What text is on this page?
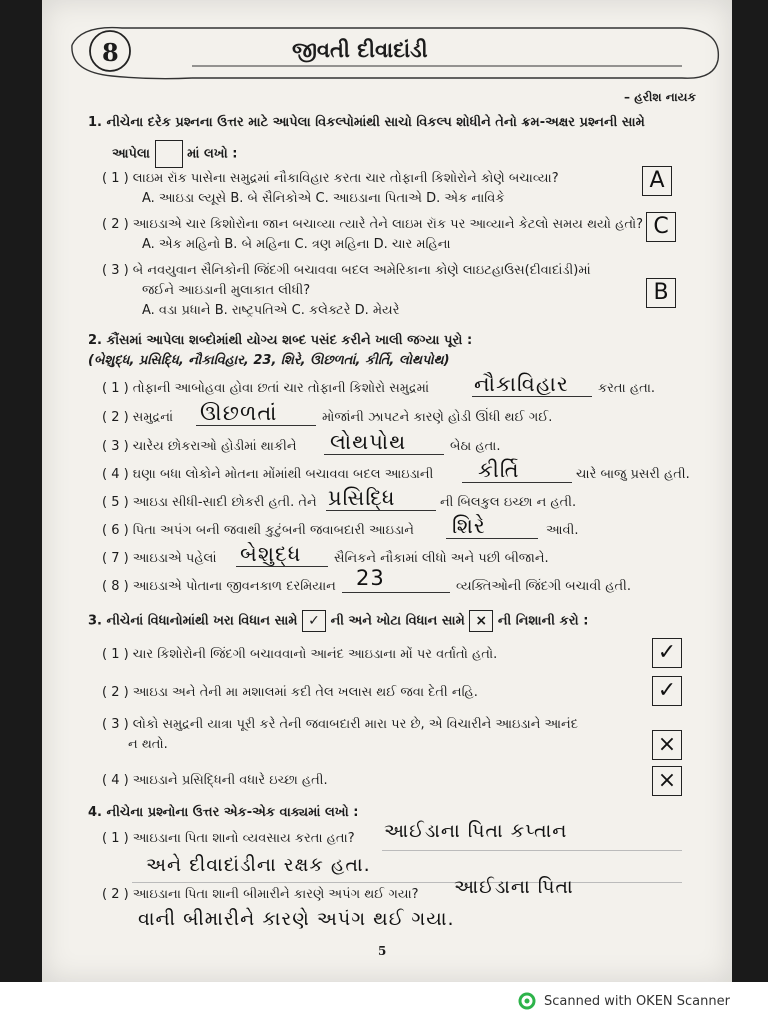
8	જીવતી દીવાદાંડી
– હરીશ નાયક
1. નીચેના દરેક પ્રશ્નના ઉત્તર માટે આપેલા વિકલ્પોમાંથી સાચો વિકલ્પ શોધીને તેનો ક્રમ-અક્ષર પ્રશ્નની સામે
આપેલા	માં લખો :
( 1 ) લાઇમ રૉક પાસેના સમુદ્રમાં નૌકાવિહાર કરતા ચાર તોફાની કિશોરોને કોણે બચાવ્યા?
A. આઇડા લ્યૂસે B. બે સૈનિકોએ C. આઇડાના પિતાએ D. એક નાવિકે
A
( 2 ) આઇડાએ ચાર કિશોરોના જાન બચાવ્યા ત્યારે તેને લાઇમ રૉક પર આવ્યાને કેટલો સમય થયો હતો?
A. એક મહિનો B. બે મહિના C. ત્રણ મહિના D. ચાર મહિના
C
( 3 ) બે નવયુવાન સૈનિકોની જિંદગી બચાવવા બદલ અમેરિકાના કોણે લાઇટહાઉસ(દીવાદાંડી)માં
જઈને આઇડાની મુલાકાત લીધી?
A. વડા પ્રધાને B. રાષ્ટ્રપતિએ C. કલેક્ટરે D. મેયરે
B
2. કૌંસમાં આપેલા શબ્દોમાંથી યોગ્ય શબ્દ પસંદ કરીને ખાલી જગ્યા પૂરો :
(બેશુદ્ધ, પ્રસિદ્ધિ, નૌકાવિહાર, 23, શિરે, ઊછળતાં, કીર્તિ, લોથપોથ)
( 1 ) તોફાની આબોહવા હોવા છતાં ચાર તોફાની કિશોરો સમુદ્રમાં નૌકાવિહાર કરતા હતા.
( 2 ) સમુદ્રનાં ઊછળતાં	મોજાંની ઝાપટને કારણે હોડી ઊંધી થઈ ગઈ.
( 3 ) ચારેય છોકરાઓ હોડીમાં થાકીને લોથપોથ	બેઠા હતા.
( 4 ) ઘણા બધા લોકોને મોતના મોંમાંથી બચાવવા બદલ આઇડાની કીર્તિ	ચારે બાજુ પ્રસરી હતી.
( 5 ) આઇડા સીધી-સાદી છોકરી હતી. તેને પ્રસિદ્ધિ	ની બિલકુલ ઇચ્છા ન હતી.
( 6 ) પિતા અપંગ બની જવાથી કુટુંબની જવાબદારી આઇડાને શિરે	આવી.
( 7 ) આઇડાએ પહેલાં બેશુદ્ધ	સૈનિકને નૌકામાં લીધો અને પછી બીજાને.
( 8 ) આઇડાએ પોતાના જીવનકાળ દરમિયાન 23	વ્યક્તિઓની જિંદગી બચાવી હતી.
3. નીચેનાં વિધાનોમાંથી ખરા વિધાન સામે ✓ ની અને ખોટા વિધાન સામે × ની નિશાની કરો :
( 1 ) ચાર કિશોરોની જિંદગી બચાવવાનો આનંદ આઇડાના મોં પર વર્તાતો હતો.	✓
( 2 ) આઇડા અને તેની મા મશાલમાં કદી તેલ ખલાસ થઈ જવા દેતી નહિ.	✓
( 3 ) લોકો સમુદ્રની યાત્રા પૂરી કરે તેની જવાબદારી મારા પર છે, એ વિચારીને આઇડાને આનંદ
ન થતો.	×
( 4 ) આઇડાને પ્રસિદ્ધિની વધારે ઇચ્છા હતી.	×
4. નીચેના પ્રશ્નોના ઉત્તર એક-એક વાક્યમાં લખો :
( 1 ) આઇડાના પિતા શાનો વ્યવસાય કરતા હતા? આઈડાના પિતા કપ્તાન
અને દીવાદાંડીના રક્ષક હતા.
( 2 ) આઇડાના પિતા શાની બીમારીને કારણે અપંગ થઈ ગયા? આઈડાના પિતા
વાની બીમારીને કારણે અપંગ થઈ ગયા.
5
Scanned with OKEN Scanner
